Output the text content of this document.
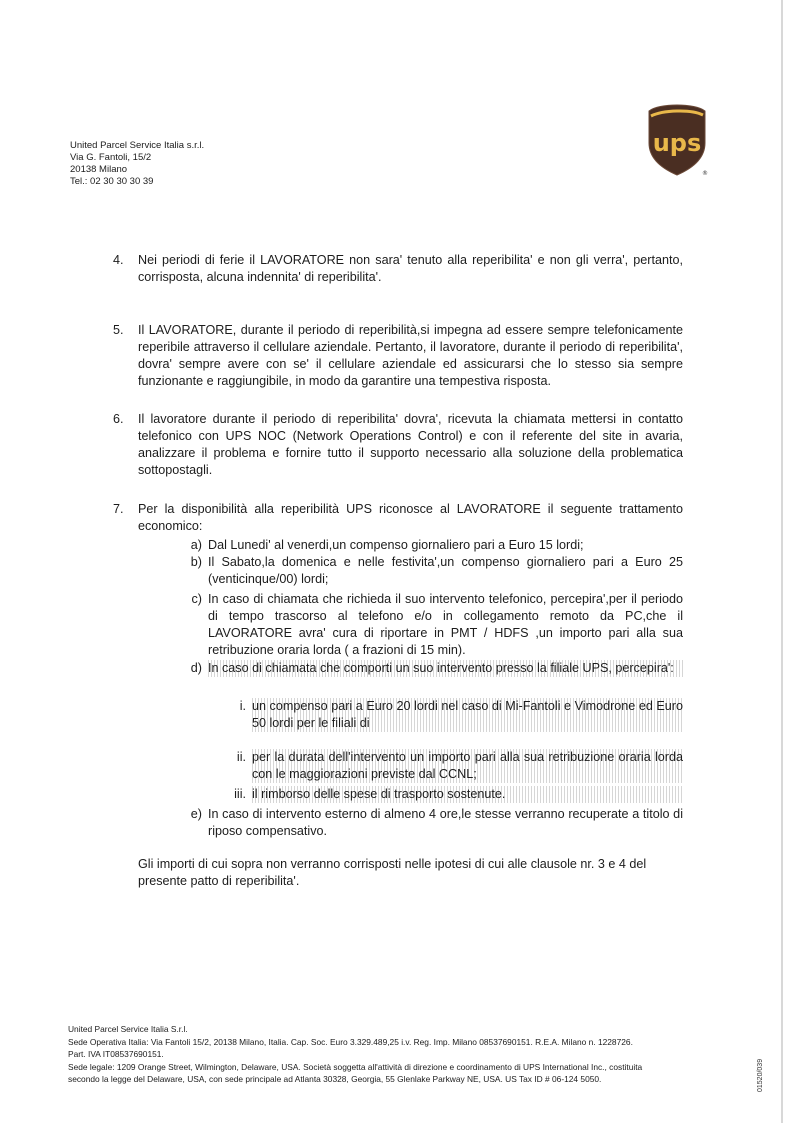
United Parcel Service Italia s.r.l.
Via G. Fantoli, 15/2
20138 Milano
Tel.: 02 30 30 30 39
ups
®
4.	Nei periodi di ferie il LAVORATORE non sara' tenuto alla reperibilita' e non gli verra', pertanto, corrisposta, alcuna indennita' di reperibilita'.
5.	Il LAVORATORE, durante il periodo di reperibilità,si impegna ad essere sempre telefonicamente reperibile attraverso il cellulare aziendale. Pertanto, il lavoratore, durante il periodo di reperibilita', dovra' sempre avere con se' il cellulare aziendale ed assicurarsi che lo stesso sia sempre funzionante e raggiungibile, in modo da garantire una tempestiva risposta.
6.	Il lavoratore durante il periodo di reperibilita' dovra', ricevuta la chiamata mettersi in contatto telefonico con UPS NOC (Network Operations Control) e con il referente del site in avaria, analizzare il problema e fornire tutto il supporto necessario alla soluzione della problematica sottopostagli.
7.	Per la disponibilità alla reperibilità UPS riconosce al LAVORATORE il seguente trattamento economico:
a) Dal Lunedi' al venerdi,un compenso giornaliero pari a Euro 15 lordi;
b) Il Sabato,la domenica e nelle festivita',un compenso giornaliero pari a Euro 25 (venticinque/00) lordi;
c) In caso di chiamata che richieda il suo intervento telefonico, percepira',per il periodo di tempo trascorso al telefono e/o in collegamento remoto da PC,che il LAVORATORE avra' cura di riportare in PMT / HDFS ,un importo pari alla sua retribuzione oraria lorda ( a frazioni di 15 min).
d) In caso di chiamata che comporti un suo intervento presso la filiale UPS, percepira':
i. un compenso pari a Euro 20 lordi nel caso di Mi-Fantoli e Vimodrone ed Euro 50 lordi per le filiali di
ii. per la durata dell'intervento un importo pari alla sua retribuzione oraria lorda con le maggiorazioni previste dal CCNL;
iii. il rimborso delle spese di trasporto sostenute.
e) In caso di intervento esterno di almeno 4 ore,le stesse verranno recuperate a titolo di riposo compensativo.
Gli importi di cui sopra non verranno corrisposti nelle ipotesi di cui alle clausole nr. 3 e 4 del presente patto di reperibilita'.
United Parcel Service Italia S.r.l.
Sede Operativa Italia: Via Fantoli 15/2, 20138 Milano, Italia. Cap. Soc. Euro 3.329.489,25 i.v. Reg. Imp. Milano 08537690151. R.E.A. Milano n. 1228726.
Part. IVA IT08537690151.
Sede legale: 1209 Orange Street, Wilmington, Delaware, USA. Società soggetta all'attività di direzione e coordinamento di UPS International Inc., costituita
secondo la legge del Delaware, USA, con sede principale ad Atlanta 30328, Georgia, 55 Glenlake Parkway NE, USA. US Tax ID # 06-124 5050.	01520/039
